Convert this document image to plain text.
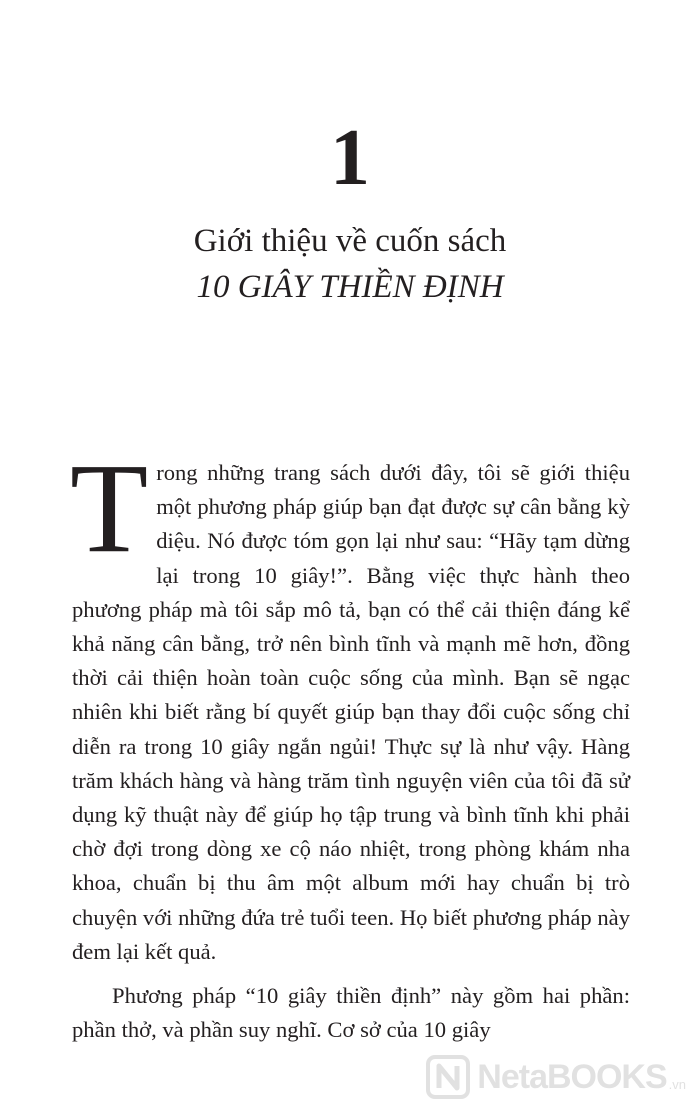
1
Giới thiệu về cuốn sách
10 GIÂY THIỀN ĐỊNH

Trong những trang sách dưới đây, tôi sẽ giới thiệu một phương pháp giúp bạn đạt được sự cân bằng kỳ diệu. Nó được tóm gọn lại như sau: “Hãy tạm dừng lại trong 10 giây!”. Bằng việc thực hành theo phương pháp mà tôi sắp mô tả, bạn có thể cải thiện đáng kể khả năng cân bằng, trở nên bình tĩnh và mạnh mẽ hơn, đồng thời cải thiện hoàn toàn cuộc sống của mình. Bạn sẽ ngạc nhiên khi biết rằng bí quyết giúp bạn thay đổi cuộc sống chỉ diễn ra trong 10 giây ngắn ngủi! Thực sự là như vậy. Hàng trăm khách hàng và hàng trăm tình nguyện viên của tôi đã sử dụng kỹ thuật này để giúp họ tập trung và bình tĩnh khi phải chờ đợi trong dòng xe cộ náo nhiệt, trong phòng khám nha khoa, chuẩn bị thu âm một album mới hay chuẩn bị trò chuyện với những đứa trẻ tuổi teen. Họ biết phương pháp này đem lại kết quả.

Phương pháp “10 giây thiền định” này gồm hai phần: phần thở, và phần suy nghĩ. Cơ sở của 10 giây

NetaBOOKS .vn
